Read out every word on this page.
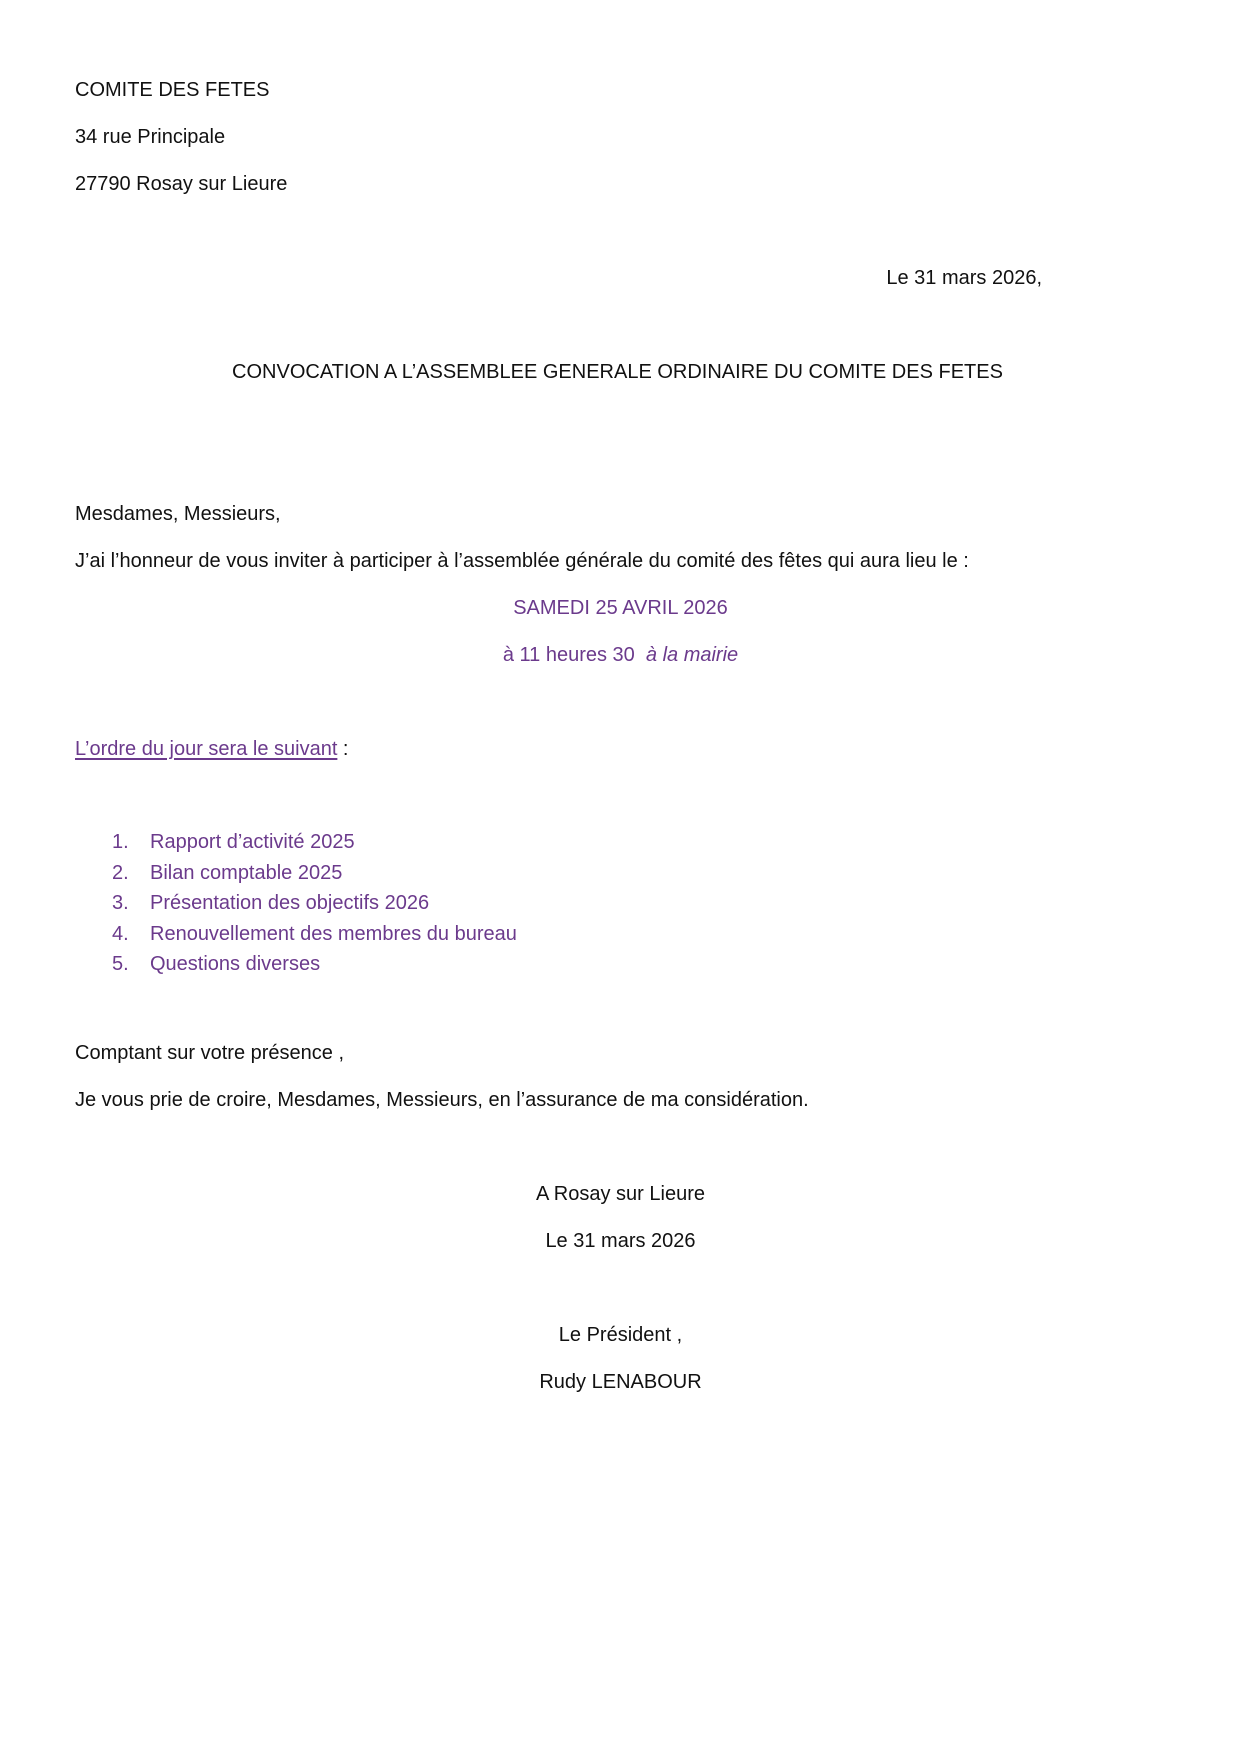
COMITE DES FETES
34 rue Principale
27790 Rosay sur Lieure
Le 31 mars 2026,
CONVOCATION A L’ASSEMBLEE GENERALE ORDINAIRE DU COMITE DES FETES
Mesdames, Messieurs,
J’ai l’honneur de vous inviter à participer à l’assemblée générale du comité des fêtes qui aura lieu le :
SAMEDI 25 AVRIL 2026
à 11 heures 30 à la mairie
L’ordre du jour sera le suivant :
1. Rapport d’activité 2025
2. Bilan comptable 2025
3. Présentation des objectifs 2026
4. Renouvellement des membres du bureau
5. Questions diverses
Comptant sur votre présence ,
Je vous prie de croire, Mesdames, Messieurs, en l’assurance de ma considération.
A Rosay sur Lieure
Le 31 mars 2026
Le Président ,
Rudy LENABOUR
